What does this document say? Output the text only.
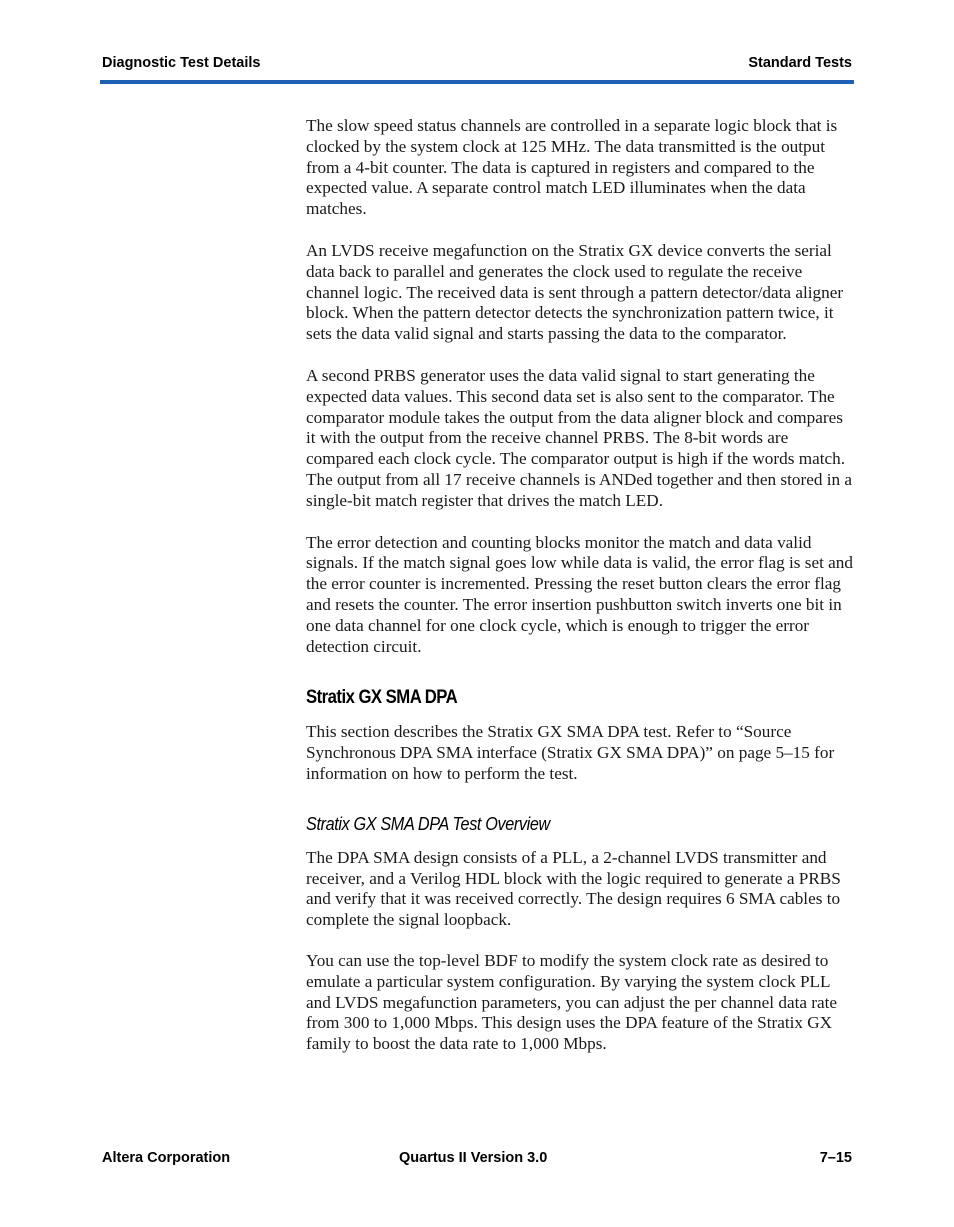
Diagnostic Test Details	Standard Tests

The slow speed status channels are controlled in a separate logic block that is clocked by the system clock at 125 MHz. The data transmitted is the output from a 4-bit counter. The data is captured in registers and compared to the expected value. A separate control match LED illuminates when the data matches.

An LVDS receive megafunction on the Stratix GX device converts the serial data back to parallel and generates the clock used to regulate the receive channel logic. The received data is sent through a pattern detector/data aligner block. When the pattern detector detects the synchronization pattern twice, it sets the data valid signal and starts passing the data to the comparator.

A second PRBS generator uses the data valid signal to start generating the expected data values. This second data set is also sent to the comparator. The comparator module takes the output from the data aligner block and compares it with the output from the receive channel PRBS. The 8-bit words are compared each clock cycle. The comparator output is high if the words match. The output from all 17 receive channels is ANDed together and then stored in a single-bit match register that drives the match LED.

The error detection and counting blocks monitor the match and data valid signals. If the match signal goes low while data is valid, the error flag is set and the error counter is incremented. Pressing the reset button clears the error flag and resets the counter. The error insertion pushbutton switch inverts one bit in one data channel for one clock cycle, which is enough to trigger the error detection circuit.

Stratix GX SMA DPA

This section describes the Stratix GX SMA DPA test. Refer to “Source Synchronous DPA SMA interface (Stratix GX SMA DPA)” on page 5–15 for information on how to perform the test.

Stratix GX SMA DPA Test Overview

The DPA SMA design consists of a PLL, a 2-channel LVDS transmitter and receiver, and a Verilog HDL block with the logic required to generate a PRBS and verify that it was received correctly. The design requires 6 SMA cables to complete the signal loopback.

You can use the top-level BDF to modify the system clock rate as desired to emulate a particular system configuration. By varying the system clock PLL and LVDS megafunction parameters, you can adjust the per channel data rate from 300 to 1,000 Mbps. This design uses the DPA feature of the Stratix GX family to boost the data rate to 1,000 Mbps.

Altera Corporation	Quartus II Version 3.0	7–15
